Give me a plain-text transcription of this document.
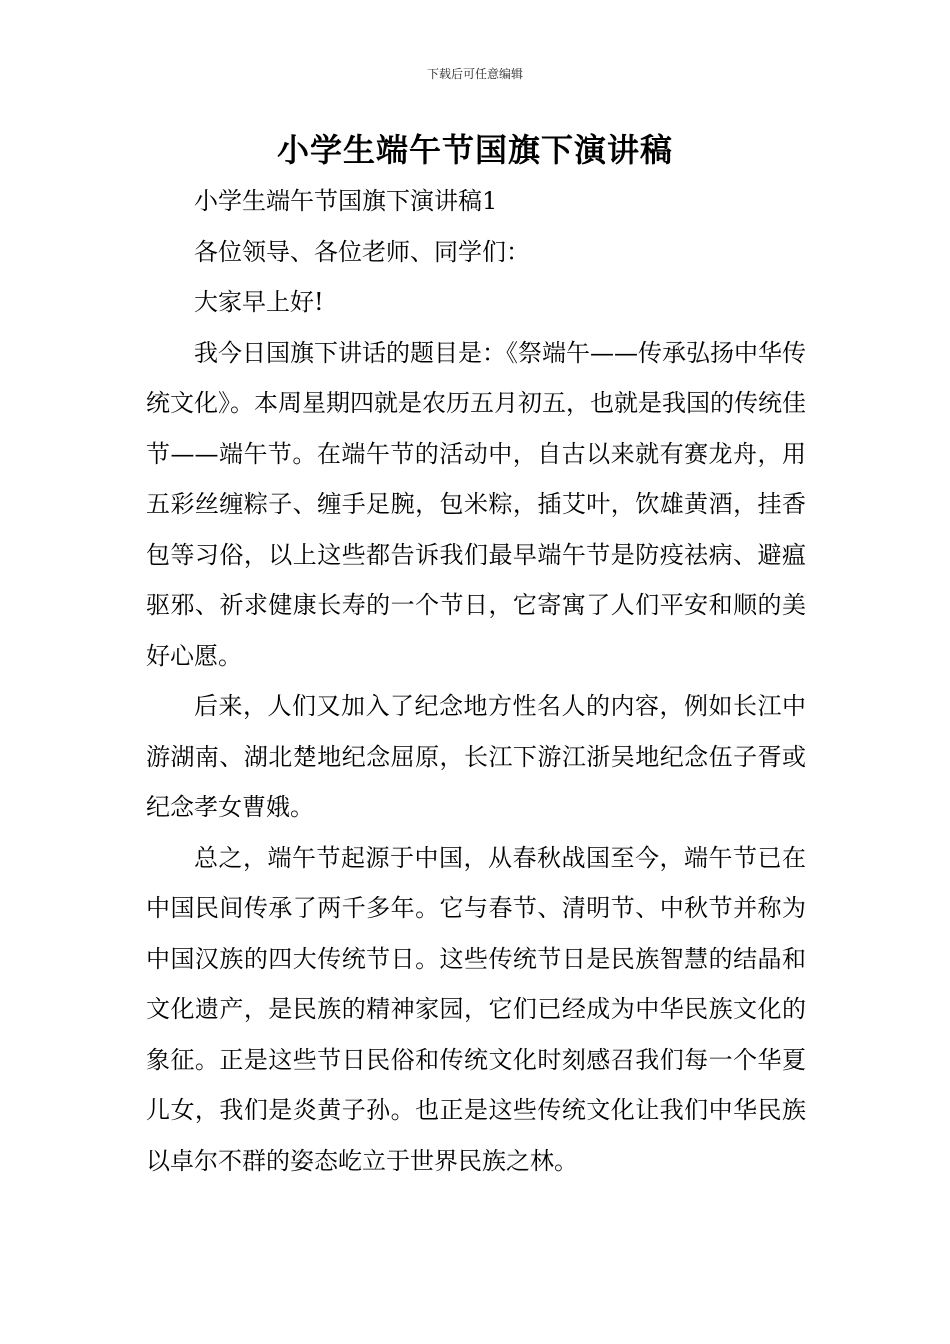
下载后可任意编辑
小学生端午节国旗下演讲稿

小学生端午节国旗下演讲稿1

各位领导、各位老师、同学们：

大家早上好!

我今日国旗下讲话的题目是：《祭端午——传承弘扬中华传统文化》。本周星期四就是农历五月初五，也就是我国的传统佳节——端午节。在端午节的活动中，自古以来就有赛龙舟，用五彩丝缠粽子、缠手足腕，包米粽，插艾叶，饮雄黄酒，挂香包等习俗，以上这些都告诉我们最早端午节是防疫祛病、避瘟驱邪、祈求健康长寿的一个节日，它寄寓了人们平安和顺的美好心愿。

后来，人们又加入了纪念地方性名人的内容，例如长江中游湖南、湖北楚地纪念屈原，长江下游江浙吴地纪念伍子胥或纪念孝女曹娥。

总之，端午节起源于中国，从春秋战国至今，端午节已在中国民间传承了两千多年。它与春节、清明节、中秋节并称为中国汉族的四大传统节日。这些传统节日是民族智慧的结晶和文化遗产，是民族的精神家园，它们已经成为中华民族文化的象征。正是这些节日民俗和传统文化时刻感召我们每一个华夏儿女，我们是炎黄子孙。也正是这些传统文化让我们中华民族以卓尔不群的姿态屹立于世界民族之林。
